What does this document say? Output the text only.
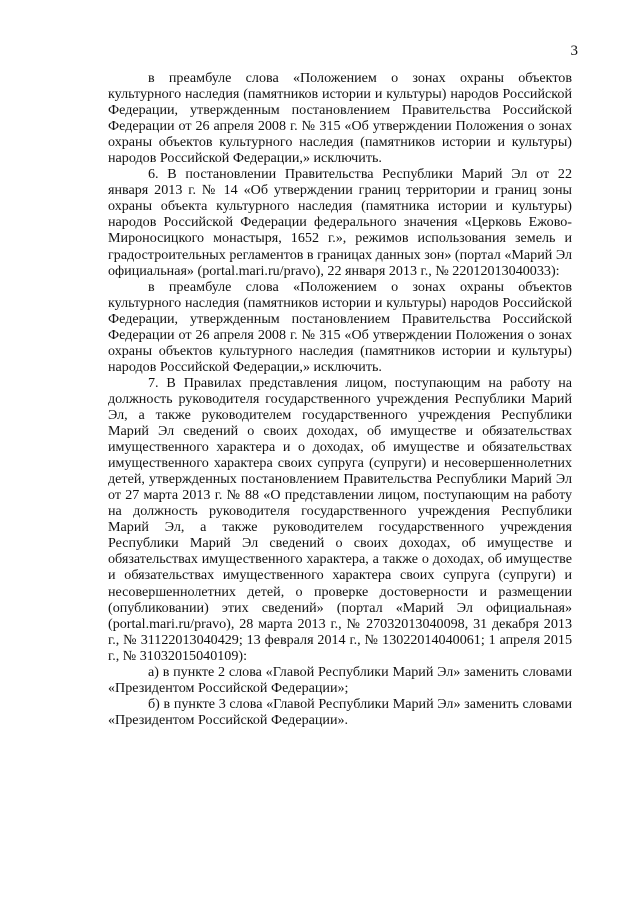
3

в преамбуле слова «Положением о зонах охраны объектов культурного наследия (памятников истории и культуры) народов Российской Федерации, утвержденным постановлением Правительства Российской Федерации от 26 апреля 2008 г. № 315 «Об утверждении Положения о зонах охраны объектов культурного наследия (памятников истории и культуры) народов Российской Федерации,» исключить.

6. В постановлении Правительства Республики Марий Эл от 22 января 2013 г. № 14 «Об утверждении границ территории и границ зоны охраны объекта культурного наследия (памятника истории и культуры) народов Российской Федерации федерального значения «Церковь Ежово-Мироносицкого монастыря, 1652 г.», режимов использования земель и градостроительных регламентов в границах данных зон» (портал «Марий Эл официальная» (portal.mari.ru/pravo), 22 января 2013 г., № 22012013040033):

в преамбуле слова «Положением о зонах охраны объектов культурного наследия (памятников истории и культуры) народов Российской Федерации, утвержденным постановлением Правительства Российской Федерации от 26 апреля 2008 г. № 315 «Об утверждении Положения о зонах охраны объектов культурного наследия (памятников истории и культуры) народов Российской Федерации,» исключить.

7. В Правилах представления лицом, поступающим на работу на должность руководителя государственного учреждения Республики Марий Эл, а также руководителем государственного учреждения Республики Марий Эл сведений о своих доходах, об имуществе и обязательствах имущественного характера и о доходах, об имуществе и обязательствах имущественного характера своих супруга (супруги) и несовершеннолетних детей, утвержденных постановлением Правительства Республики Марий Эл от 27 марта 2013 г. № 88 «О представлении лицом, поступающим на работу на должность руководителя государственного учреждения Республики Марий Эл, а также руководителем государственного учреждения Республики Марий Эл сведений о своих доходах, об имуществе и обязательствах имущественного характера, а также о доходах, об имуществе и обязательствах имущественного характера своих супруга (супруги) и несовершеннолетних детей, о проверке достоверности и размещении (опубликовании) этих сведений» (портал «Марий Эл официальная» (portal.mari.ru/pravo), 28 марта 2013 г., № 27032013040098, 31 декабря 2013 г., № 31122013040429; 13 февраля 2014 г., № 13022014040061; 1 апреля 2015 г., № 31032015040109):

а) в пункте 2 слова «Главой Республики Марий Эл» заменить словами «Президентом Российской Федерации»;

б) в пункте 3 слова «Главой Республики Марий Эл» заменить словами «Президентом Российской Федерации».
